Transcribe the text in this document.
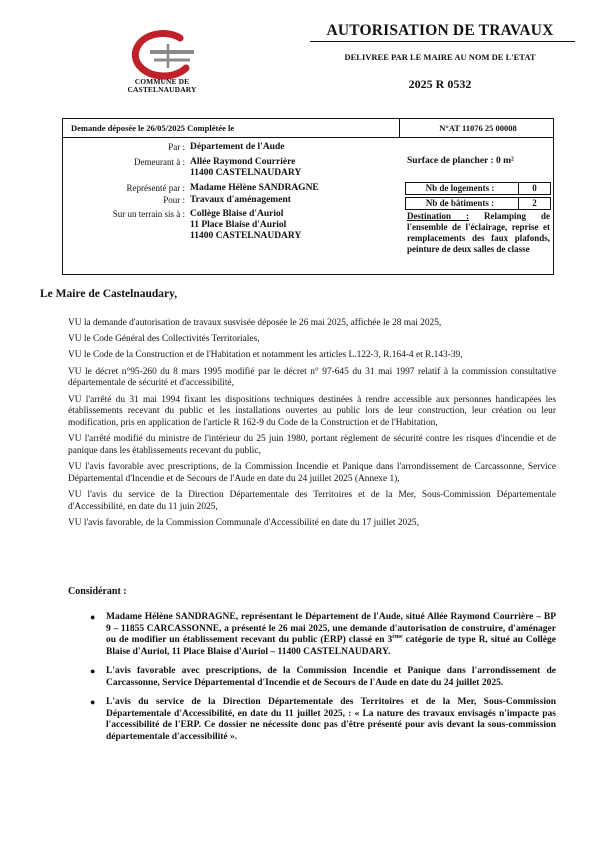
COMMUNE DE
CASTELNAUDARY
AUTORISATION DE TRAVAUX
DELIVREE PAR LE MAIRE AU NOM DE L'ETAT
2025 R 0532
Demande déposée le 26/05/2025 Complétée le	N°AT 11076 25 00008
Par : Département de l'Aude
Demeurant à : Allée Raymond Courrière
11400 CASTELNAUDARY
Représenté par : Madame Hélène SANDRAGNE
Pour : Travaux d'aménagement
Sur un terrain sis à : Collège Blaise d'Auriol
11 Place Blaise d'Auriol
11400 CASTELNAUDARY
Surface de plancher : 0 m²
Nb de logements :	0
Nb de bâtiments :	2
Destination : Relamping de l'ensemble de l'éclairage, reprise et remplacements des faux plafonds, peinture de deux salles de classe
Le Maire de Castelnaudary,

VU la demande d'autorisation de travaux susvisée déposée le 26 mai 2025, affichée le 28 mai 2025,

VU le Code Général des Collectivités Territoriales,

VU le Code de la Construction et de l'Habitation et notamment les articles L.122-3, R.164-4 et R.143-39,

VU le décret n°95-260 du 8 mars 1995 modifié par le décret n° 97-645 du 31 mai 1997 relatif à la commission consultative départementale de sécurité et d'accessibilité,

VU l'arrêté du 31 mai 1994 fixant les dispositions techniques destinées à rendre accessible aux personnes handicapées les établissements recevant du public et les installations ouvertes au public lors de leur construction, leur création ou leur modification, pris en application de l'article R 162-9 du Code de la Construction et de l'Habitation,

VU l'arrêté modifié du ministre de l'intérieur du 25 juin 1980, portant règlement de sécurité contre les risques d'incendie et de panique dans les établissements recevant du public,

VU l'avis favorable avec prescriptions, de la Commission Incendie et Panique dans l'arrondissement de Carcassonne, Service Départemental d'Incendie et de Secours de l'Aude en date du 24 juillet 2025 (Annexe 1),

VU l'avis du service de la Direction Départementale des Territoires et de la Mer, Sous-Commission Départementale d'Accessibilité, en date du 11 juin 2025,

VU l'avis favorable, de la Commission Communale d'Accessibilité en date du 17 juillet 2025,

Considérant :
● Madame Hélène SANDRAGNE, représentant le Département de l'Aude, situé Allée Raymond Courrière – BP 9 – 11855 CARCASSONNE, a présenté le 26 mai 2025, une demande d'autorisation de construire, d'aménager ou de modifier un établissement recevant du public (ERP) classé en 3ème catégorie de type R, situé au Collège Blaise d'Auriol, 11 Place Blaise d'Auriol – 11400 CASTELNAUDARY.
● L'avis favorable avec prescriptions, de la Commission Incendie et Panique dans l'arrondissement de Carcassonne, Service Départemental d'Incendie et de Secours de l'Aude en date du 24 juillet 2025.
● L'avis du service de la Direction Départementale des Territoires et de la Mer, Sous-Commission Départementale d'Accessibilité, en date du 11 juillet 2025, : « La nature des travaux envisagés n'impacte pas l'accessibilité de l'ERP. Ce dossier ne nécessite donc pas d'être présenté pour avis devant la sous-commission départementale d'accessibilité ».
